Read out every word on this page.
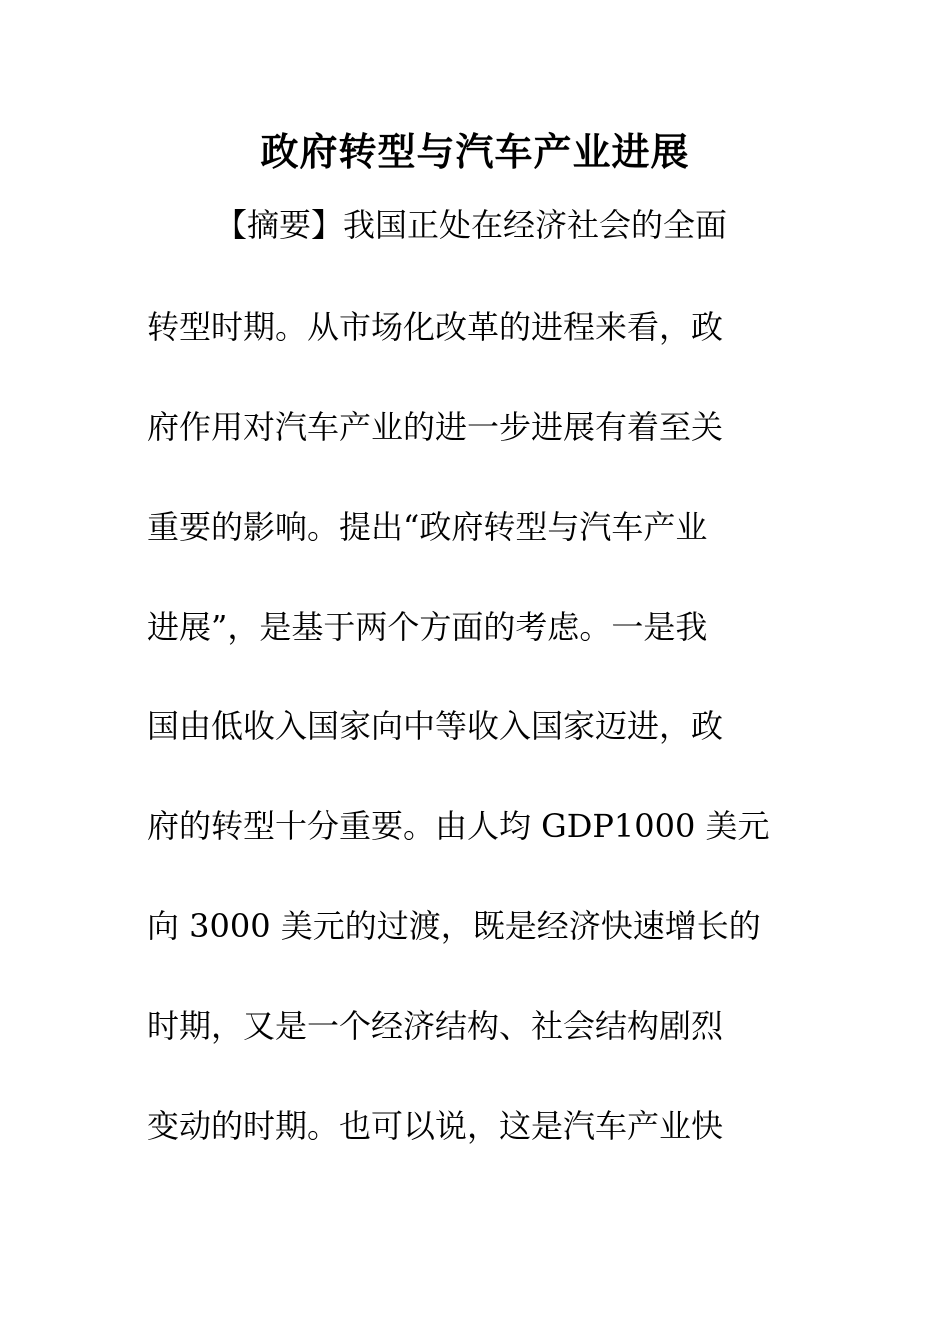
政府转型与汽车产业进展
【摘要】我国正处在经济社会的全面
转型时期。从市场化改革的进程来看，政
府作用对汽车产业的进一步进展有着至关
重要的影响。提出“政府转型与汽车产业
进展”，是基于两个方面的考虑。一是我
国由低收入国家向中等收入国家迈进，政
府的转型十分重要。由人均 GDP1000 美元
向 3000 美元的过渡，既是经济快速增长的
时期，又是一个经济结构、社会结构剧烈
变动的时期。也可以说，这是汽车产业快
